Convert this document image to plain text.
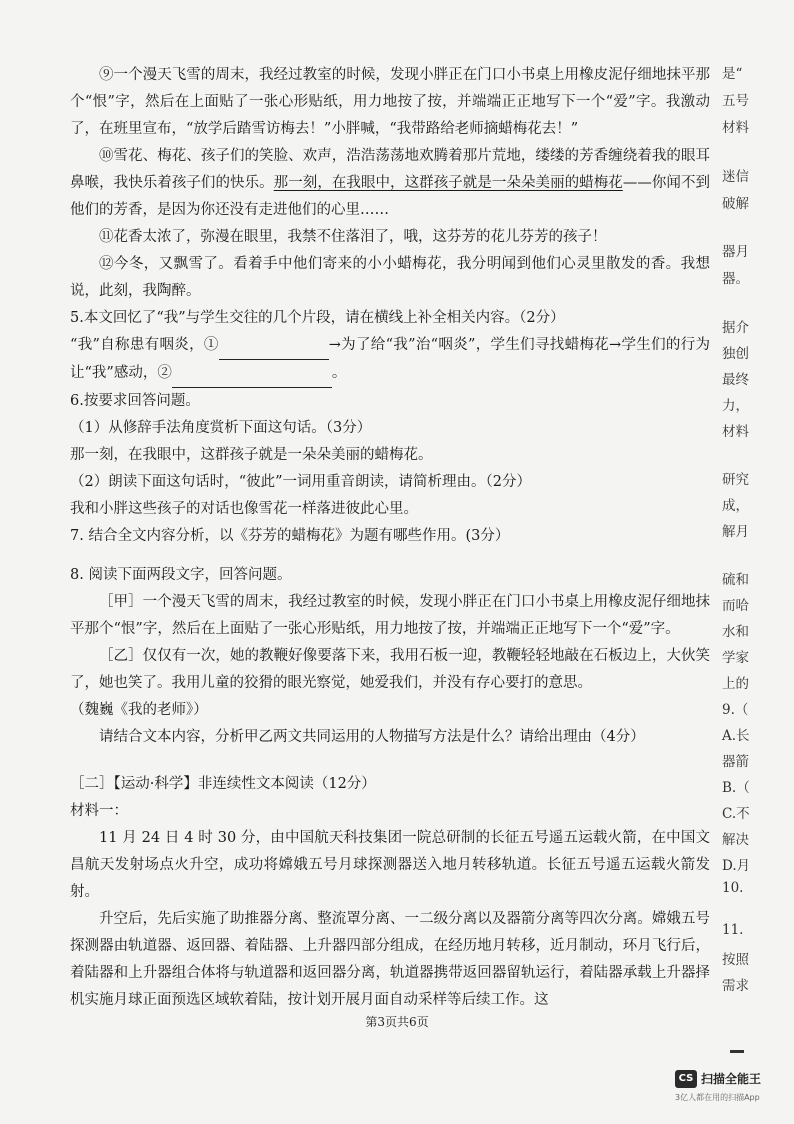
⑨一个漫天飞雪的周末，我经过教室的时候，发现小胖正在门口小书桌上用橡皮泥仔细地抹平那个“恨”字，然后在上面贴了一张心形贴纸，用力地按了按，并端端正正地写下一个“爱”字。我激动了，在班里宣布，“放学后踏雪访梅去！”小胖喊，“我带路给老师摘蜡梅花去！”

⑩雪花、梅花、孩子们的笑脸、欢声，浩浩荡荡地欢腾着那片荒地，缕缕的芳香缠绕着我的眼耳鼻喉，我快乐着孩子们的快乐。那一刻，在我眼中，这群孩子就是一朵朵美丽的蜡梅花——你闻不到他们的芳香，是因为你还没有走进他们的心里……

⑪花香太浓了，弥漫在眼里，我禁不住落泪了，哦，这芬芳的花儿芬芳的孩子！

⑫今冬，又飘雪了。看着手中他们寄来的小小蜡梅花，我分明闻到他们心灵里散发的香。我想说，此刻，我陶醉。

5.本文回忆了“我”与学生交往的几个片段，请在横线上补全相关内容。（2分）

“我”自称患有咽炎，①	→为了给“我”治“咽炎”，学生们寻找蜡梅花→学生们的行为让“我”感动，②	。

6.按要求回答问题。

（1）从修辞手法角度赏析下面这句话。（3分）

那一刻，在我眼中，这群孩子就是一朵朵美丽的蜡梅花。

（2）朗读下面这句话时，“彼此”一词用重音朗读，请简析理由。（2分）

我和小胖这些孩子的对话也像雪花一样落进彼此心里。

7. 结合全文内容分析，以《芬芳的蜡梅花》为题有哪些作用。(3分）

8. 阅读下面两段文字，回答问题。

［甲］一个漫天飞雪的周末，我经过教室的时候，发现小胖正在门口小书桌上用橡皮泥仔细地抹平那个“恨”字，然后在上面贴了一张心形贴纸，用力地按了按，并端端正正地写下一个“爱”字。

［乙］仅仅有一次，她的教鞭好像要落下来，我用石板一迎，教鞭轻轻地敲在石板边上，大伙笑了，她也笑了。我用儿童的狡猾的眼光察觉，她爱我们，并没有存心要打的意思。

（魏巍《我的老师》）

请结合文本内容，分析甲乙两文共同运用的人物描写方法是什么？请给出理由（4分）

［二］【运动·科学】非连续性文本阅读（12分）

材料一：

11 月 24 日 4 时 30 分，由中国航天科技集团一院总研制的长征五号遥五运载火箭，在中国文昌航天发射场点火升空，成功将嫦娥五号月球探测器送入地月转移轨道。长征五号遥五运载火箭发射。

升空后，先后实施了助推器分离、整流罩分离、一二级分离以及器箭分离等四次分离。嫦娥五号探测器由轨道器、返回器、着陆器、上升器四部分组成，在经历地月转移，近月制动，环月飞行后，着陆器和上升器组合体将与轨道器和返回器分离，轨道器携带返回器留轨运行，着陆器承载上升器择机实施月球正面预选区域软着陆，按计划开展月面自动采样等后续工作。这

是“
五号
材料
迷信
破解
器月
器。
据介
独创
最终
力，
材料
研究
成，
解月
硫和
而哈
水和
学家
上的
9.（
A.长
器箭
B.（
C.不
解决
D.月
10.
11.
按照
需求
第3页共6页
CS 扫描全能王
3亿人都在用的扫描App
